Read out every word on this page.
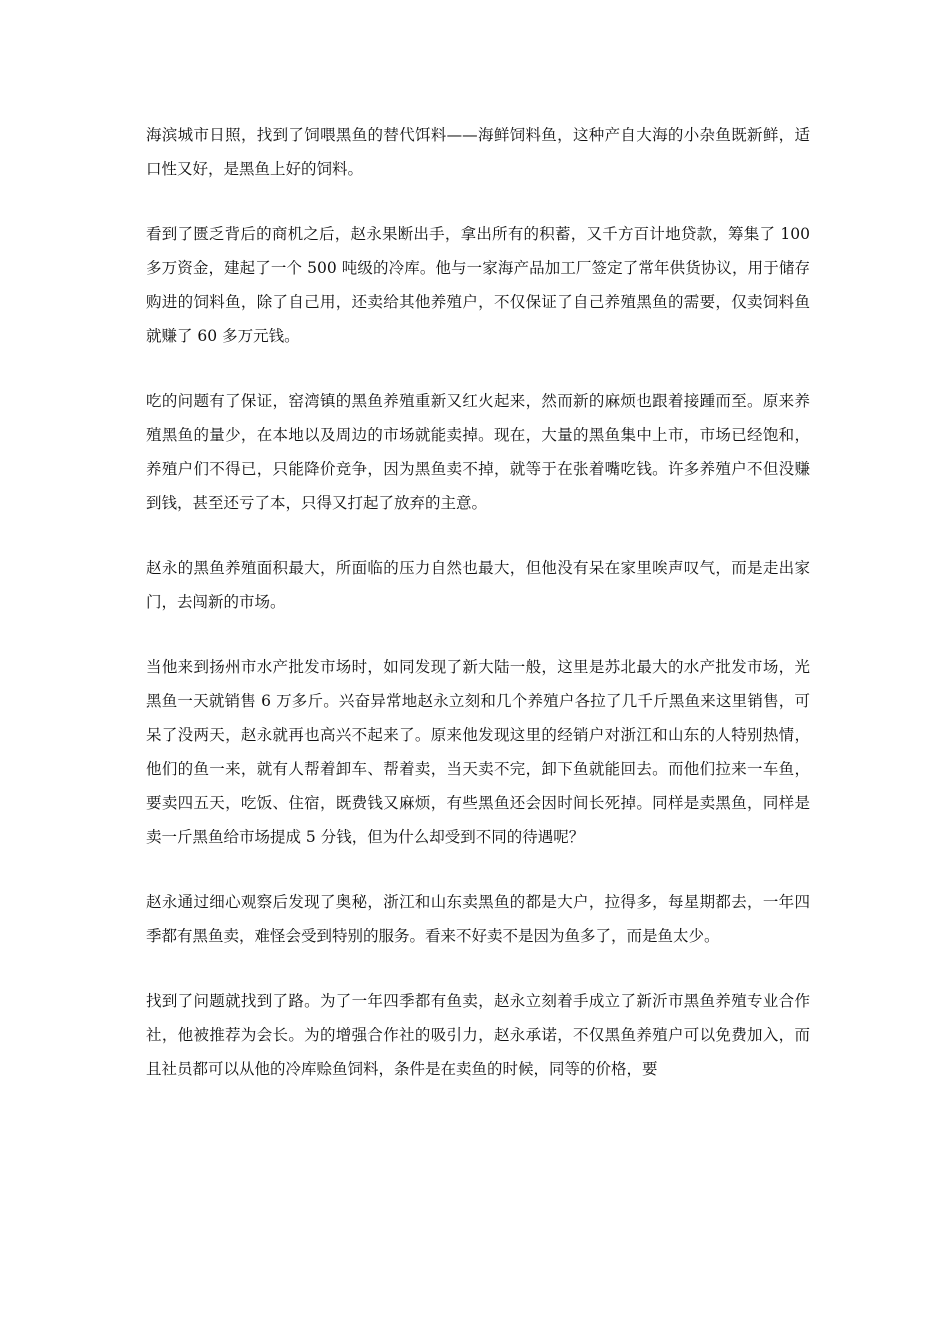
海滨城市日照，找到了饲喂黑鱼的替代饵料——海鲜饲料鱼，这种产自大海的小杂鱼既新鲜，适口性又好，是黑鱼上好的饲料。

看到了匮乏背后的商机之后，赵永果断出手，拿出所有的积蓄，又千方百计地贷款，筹集了 100 多万资金，建起了一个 500 吨级的冷库。他与一家海产品加工厂签定了常年供货协议，用于储存购进的饲料鱼，除了自己用，还卖给其他养殖户，不仅保证了自己养殖黑鱼的需要，仅卖饲料鱼就赚了 60 多万元钱。

吃的问题有了保证，窑湾镇的黑鱼养殖重新又红火起来，然而新的麻烦也跟着接踵而至。原来养殖黑鱼的量少，在本地以及周边的市场就能卖掉。现在，大量的黑鱼集中上市，市场已经饱和，养殖户们不得已，只能降价竞争，因为黑鱼卖不掉，就等于在张着嘴吃钱。许多养殖户不但没赚到钱，甚至还亏了本，只得又打起了放弃的主意。

赵永的黑鱼养殖面积最大，所面临的压力自然也最大，但他没有呆在家里唉声叹气，而是走出家门，去闯新的市场。

当他来到扬州市水产批发市场时，如同发现了新大陆一般，这里是苏北最大的水产批发市场，光黑鱼一天就销售 6 万多斤。兴奋异常地赵永立刻和几个养殖户各拉了几千斤黑鱼来这里销售，可呆了没两天，赵永就再也高兴不起来了。原来他发现这里的经销户对浙江和山东的人特别热情，他们的鱼一来，就有人帮着卸车、帮着卖，当天卖不完，卸下鱼就能回去。而他们拉来一车鱼，要卖四五天，吃饭、住宿，既费钱又麻烦，有些黑鱼还会因时间长死掉。同样是卖黑鱼，同样是卖一斤黑鱼给市场提成 5 分钱，但为什么却受到不同的待遇呢？

赵永通过细心观察后发现了奥秘，浙江和山东卖黑鱼的都是大户，拉得多，每星期都去，一年四季都有黑鱼卖，难怪会受到特别的服务。看来不好卖不是因为鱼多了，而是鱼太少。

找到了问题就找到了路。为了一年四季都有鱼卖，赵永立刻着手成立了新沂市黑鱼养殖专业合作社，他被推荐为会长。为的增强合作社的吸引力，赵永承诺，不仅黑鱼养殖户可以免费加入，而且社员都可以从他的冷库赊鱼饲料，条件是在卖鱼的时候，同等的价格，要
